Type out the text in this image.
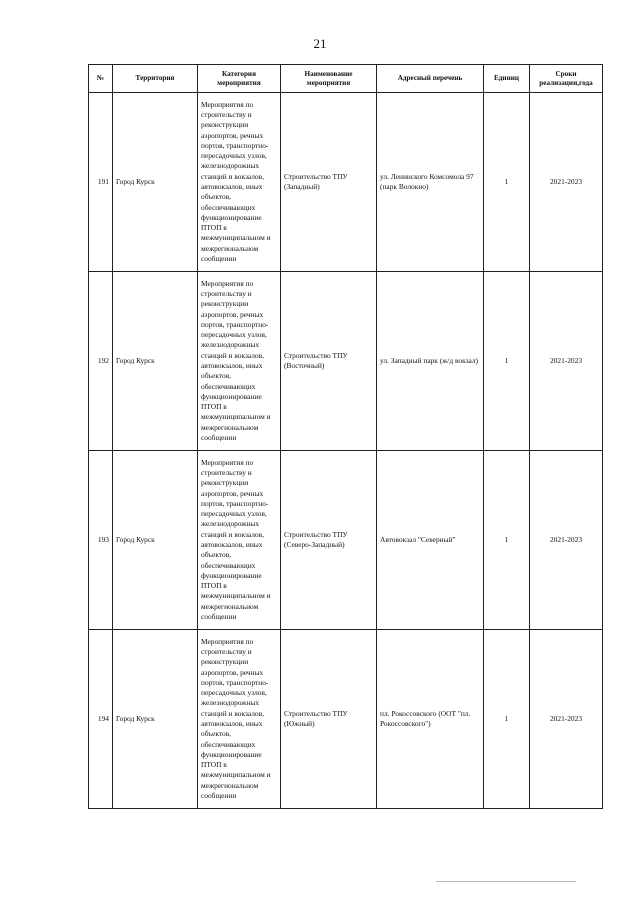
21
№	Территория	Категория мероприятия	Наименование мероприятия	Адресный перечень	Единиц	Сроки реализации,года
191	Город Курск	Мероприятия по строительству и реконструкции аэропортов, речных портов, транспортно-пересадочных узлов, железнодорожных станций и вокзалов, автовокзалов, иных объектов, обеспечивающих функционирование ПТОП в межмуниципальном и межрегиональном сообщении	Строительство ТПУ (Западный)	ул. Ленинского Комсомола 97 (парк Волокно)	1	2021-2023
192	Город Курск	Мероприятия по строительству и реконструкции аэропортов, речных портов, транспортно-пересадочных узлов, железнодорожных станций и вокзалов, автовокзалов, иных объектов, обеспечивающих функционирование ПТОП в межмуниципальном и межрегиональном сообщении	Строительство ТПУ (Восточный)	ул. Западный парк (ж/д вокзал)	1	2021-2023
193	Город Курск	Мероприятия по строительству и реконструкции аэропортов, речных портов, транспортно-пересадочных узлов, железнодорожных станций и вокзалов, автовокзалов, иных объектов, обеспечивающих функционирование ПТОП в межмуниципальном и межрегиональном сообщении	Строительство ТПУ (Северо-Западный)	Автовокзал "Северный"	1	2021-2023
194	Город Курск	Мероприятия по строительству и реконструкции аэропортов, речных портов, транспортно-пересадочных узлов, железнодорожных станций и вокзалов, автовокзалов, иных объектов, обеспечивающих функционирование ПТОП в межмуниципальном и межрегиональном сообщении	Строительство ТПУ (Южный)	пл. Рокоссовского (ООТ "пл. Рокоссовского")	1	2021-2023
